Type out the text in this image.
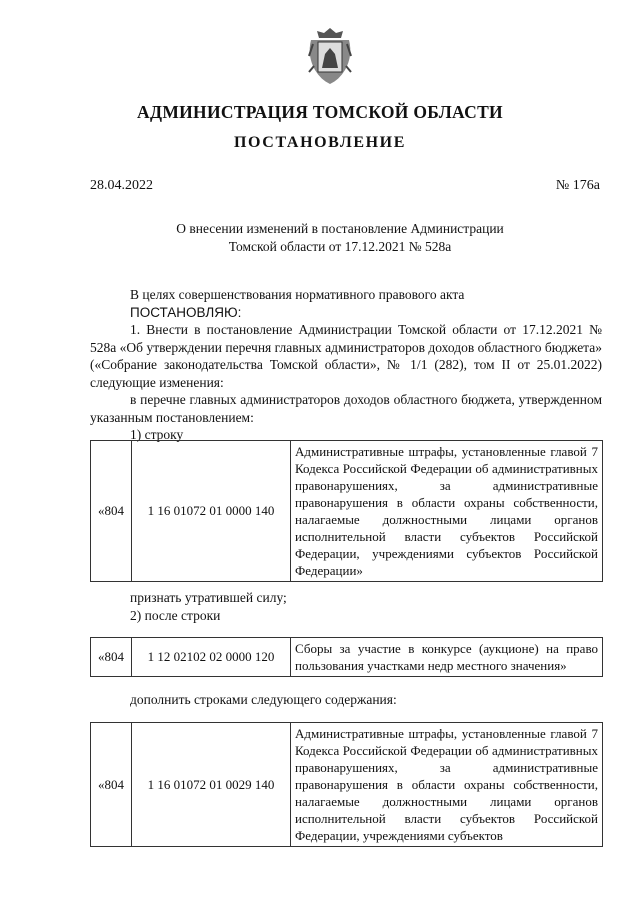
АДМИНИСТРАЦИЯ ТОМСКОЙ ОБЛАСТИ
ПОСТАНОВЛЕНИЕ
28.04.2022	№ 176а
О внесении изменений в постановление Администрации
Томской области от 17.12.2021 № 528а

В целях совершенствования нормативного правового акта

ПОСТАНОВЛЯЮ:

1. Внести в постановление Администрации Томской области от 17.12.2021 № 528а «Об утверждении перечня главных администраторов доходов областного бюджета» («Собрание законодательства Томской области», № 1/1 (282), том II от 25.01.2022) следующие изменения:

в перечне главных администраторов доходов областного бюджета, утвержденном указанным постановлением:

1) строку

«804	1 16 01072 01 0000 140	Административные штрафы, установленные главой 7 Кодекса Российской Федерации об административных правонарушениях, за административные правонарушения в области охраны собственности, налагаемые должностными лицами органов исполнительной власти субъектов Российской Федерации, учреждениями субъектов Российской Федерации»

признать утратившей силу;

2) после строки

«804	1 12 02102 02 0000 120	Сборы за участие в конкурсе (аукционе) на право пользования участками недр местного значения»

дополнить строками следующего содержания:

«804	1 16 01072 01 0029 140	Административные штрафы, установленные главой 7 Кодекса Российской Федерации об административных правонарушениях, за административные правонарушения в области охраны собственности, налагаемые должностными лицами органов исполнительной власти субъектов Российской Федерации, учреждениями субъектов
